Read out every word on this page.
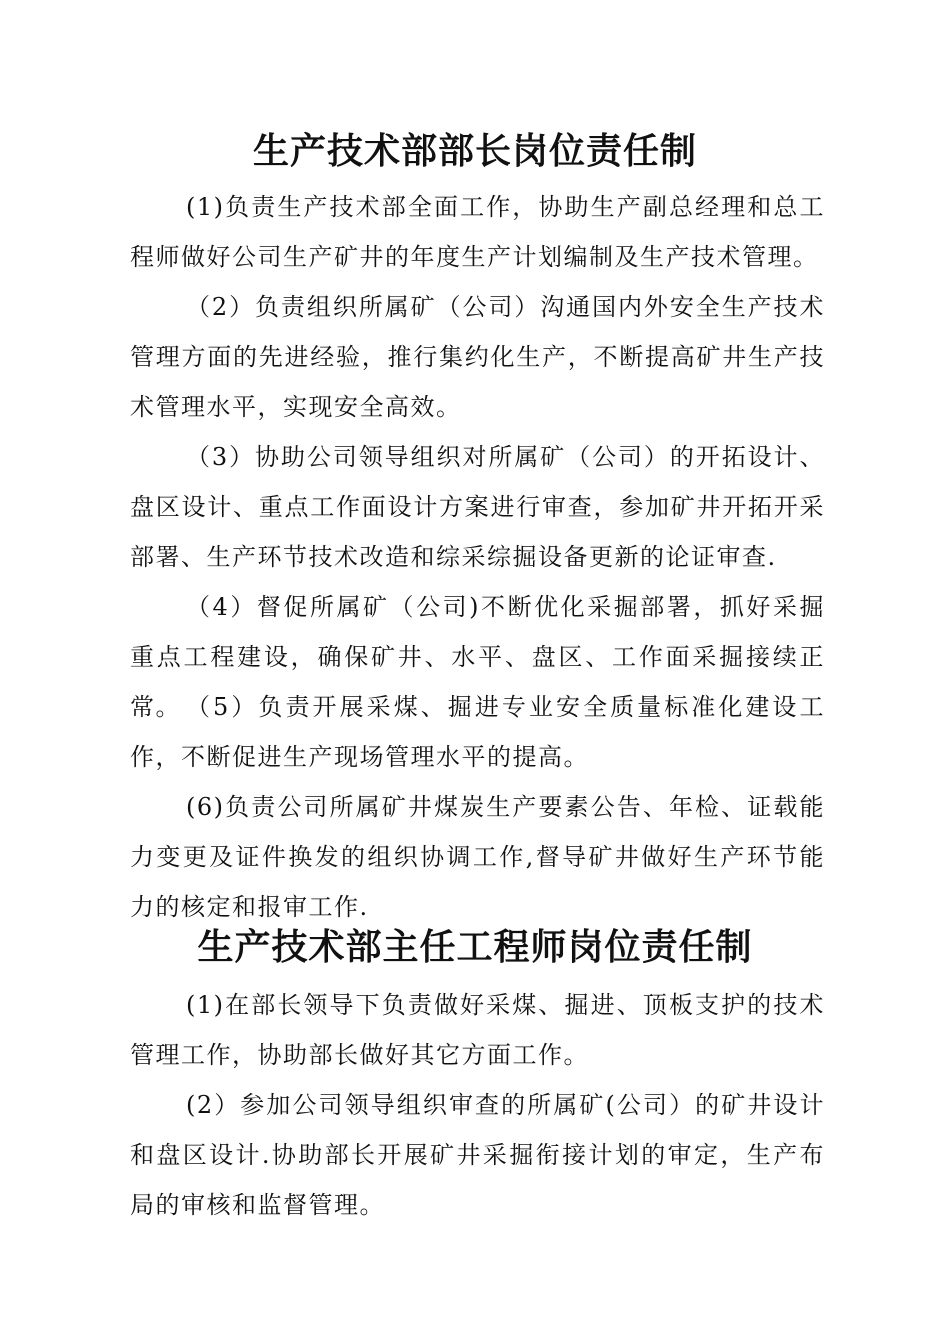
生产技术部部长岗位责任制

(1)负责生产技术部全面工作，协助生产副总经理和总工程师做好公司生产矿井的年度生产计划编制及生产技术管理。

（2）负责组织所属矿（公司）沟通国内外安全生产技术管理方面的先进经验，推行集约化生产，不断提高矿井生产技术管理水平，实现安全高效。

（3）协助公司领导组织对所属矿（公司）的开拓设计、盘区设计、重点工作面设计方案进行审查，参加矿井开拓开采部署、生产环节技术改造和综采综掘设备更新的论证审查.

（4）督促所属矿（公司)不断优化采掘部署，抓好采掘重点工程建设，确保矿井、水平、盘区、工作面采掘接续正常。 （5）负责开展采煤、掘进专业安全质量标准化建设工作，不断促进生产现场管理水平的提高。

(6)负责公司所属矿井煤炭生产要素公告、年检、证载能力变更及证件换发的组织协调工作,督导矿井做好生产环节能力的核定和报审工作.

生产技术部主任工程师岗位责任制

(1)在部长领导下负责做好采煤、掘进、顶板支护的技术管理工作，协助部长做好其它方面工作。

(2）参加公司领导组织审查的所属矿(公司）的矿井设计和盘区设计.协助部长开展矿井采掘衔接计划的审定，生产布局的审核和监督管理。
